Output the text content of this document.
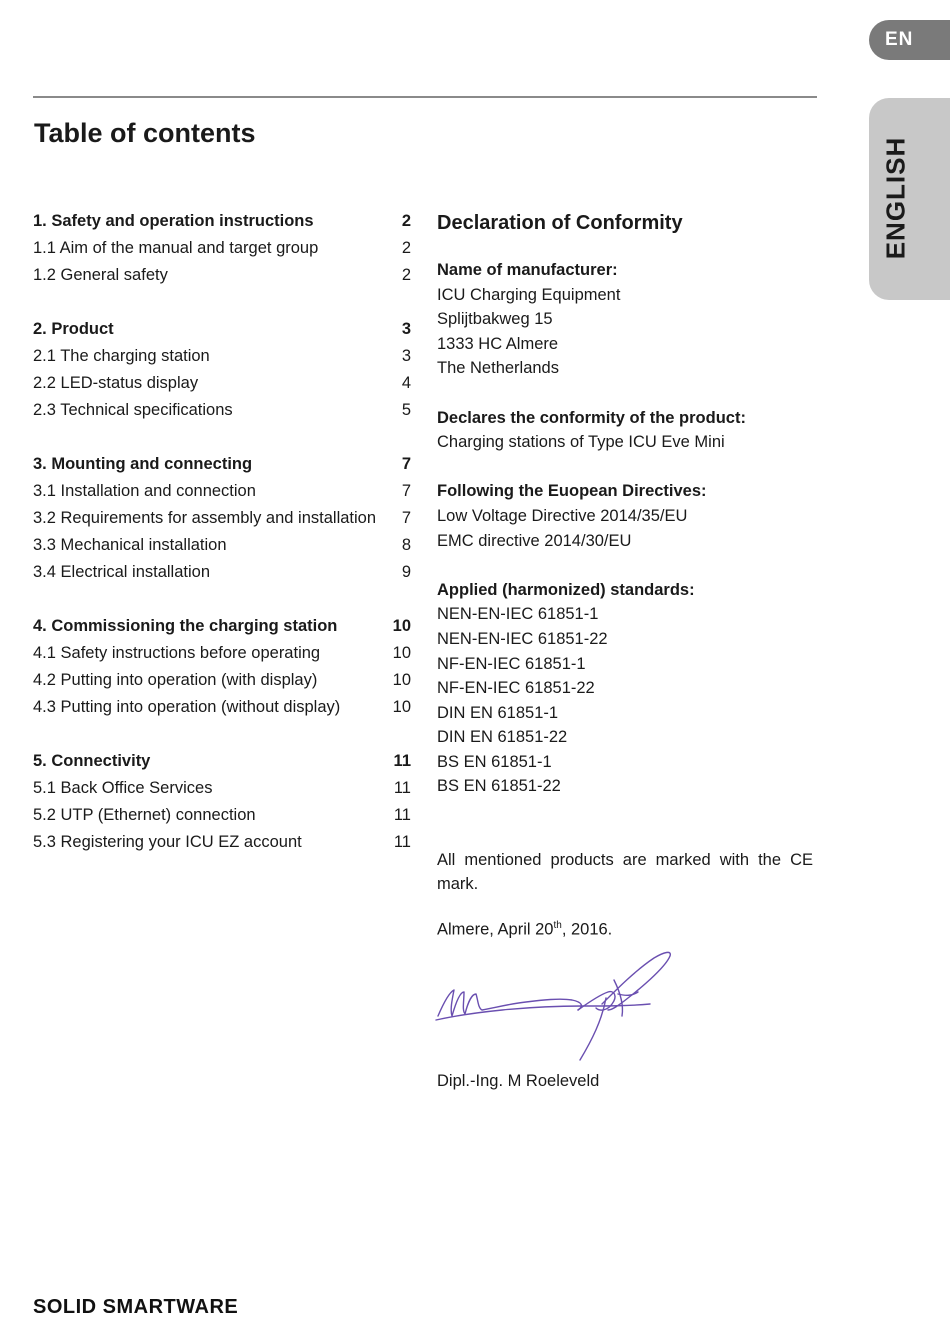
EN
ENGLISH
Table of contents
1. Safety and operation instructions	2
1.1 Aim of the manual and target group	2
1.2 General safety	2
2. Product	3
2.1 The charging station	3
2.2 LED-status display	4
2.3 Technical specifications	5
3. Mounting and connecting	7
3.1 Installation and connection	7
3.2 Requirements for assembly and installation	7
3.3 Mechanical installation	8
3.4 Electrical installation	9
4. Commissioning the charging station	10
4.1 Safety instructions before operating	10
4.2 Putting into operation (with display)	10
4.3 Putting into operation (without display)	10
5. Connectivity	11
5.1 Back Office Services	11
5.2 UTP (Ethernet) connection	11
5.3 Registering your ICU EZ account	11
Declaration of Conformity
Name of manufacturer:
ICU Charging Equipment
Splijtbakweg 15
1333 HC Almere
The Netherlands
Declares the conformity of the product:
Charging stations of Type ICU Eve Mini
Following the Euopean Directives:
Low Voltage Directive 2014/35/EU
EMC directive 2014/30/EU
Applied (harmonized) standards:
NEN-EN-IEC 61851-1
NEN-EN-IEC 61851-22
NF-EN-IEC 61851-1
NF-EN-IEC 61851-22
DIN EN 61851-1
DIN EN 61851-22
BS EN 61851-1
BS EN 61851-22
All mentioned products are marked with the CE mark.
Almere, April 20th, 2016.
Dipl.-Ing. M Roeleveld
SOLID SMARTWARE
